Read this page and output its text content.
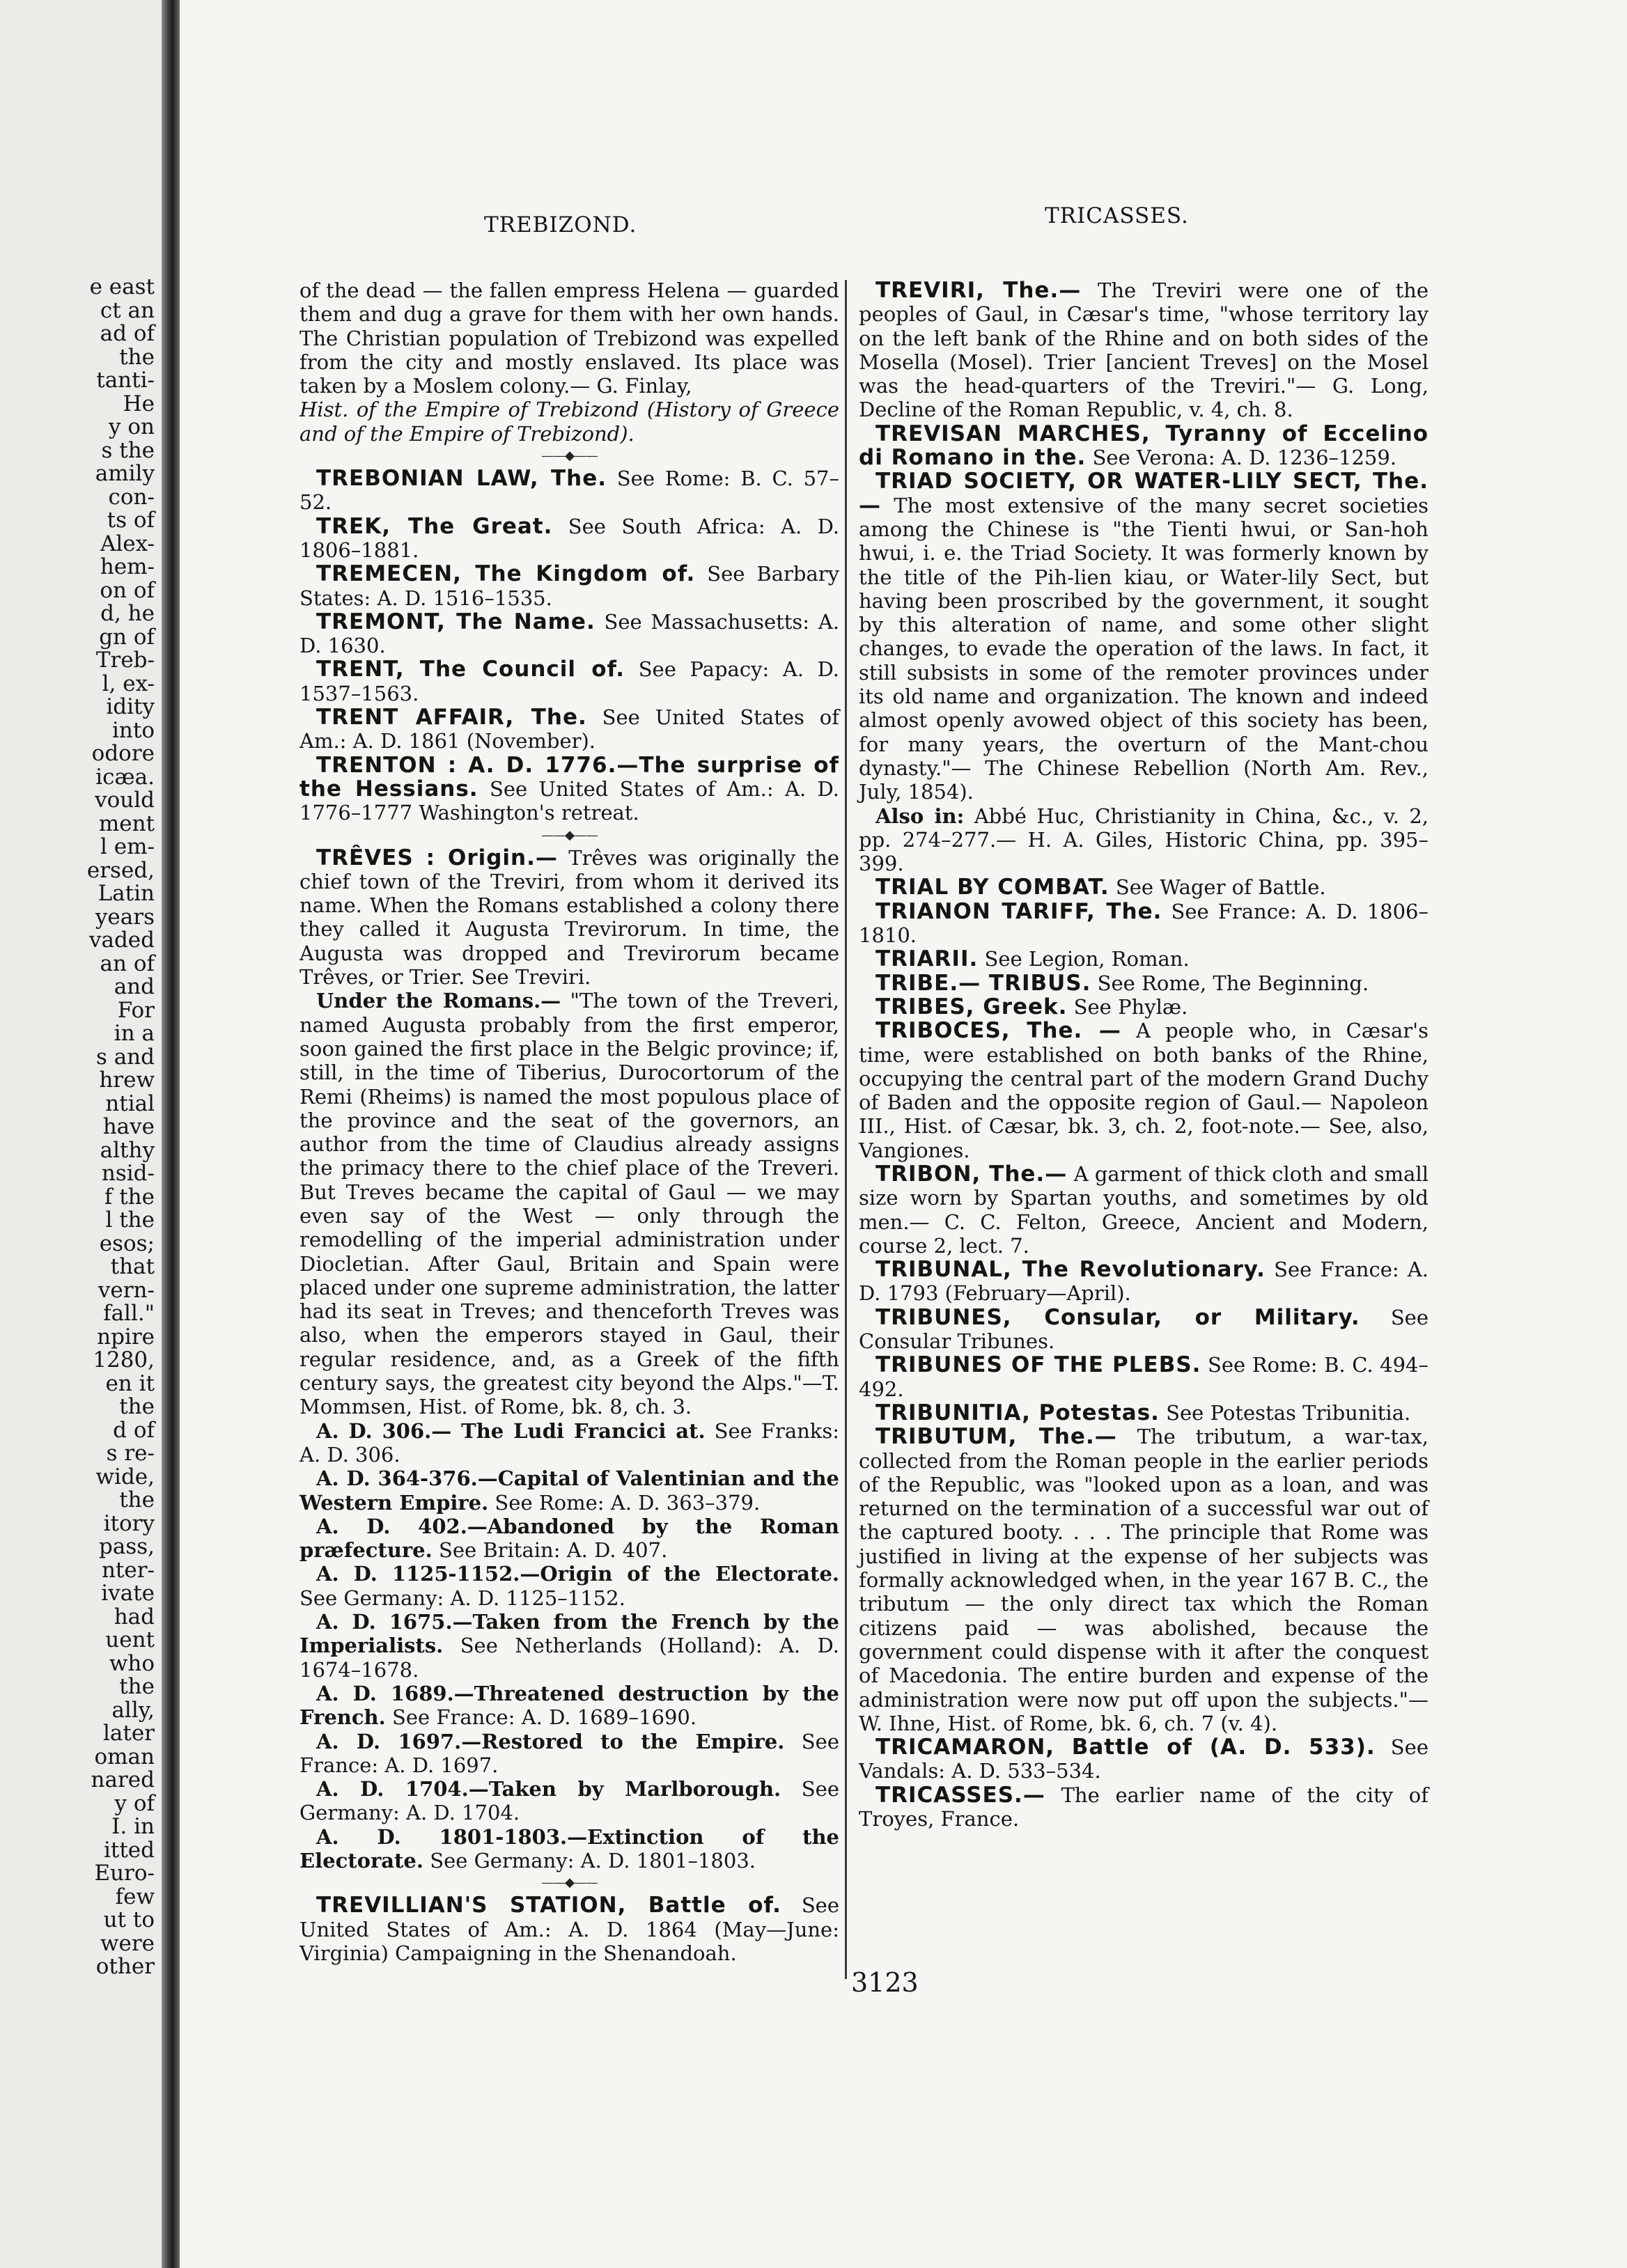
e east
ct an
ad of
the
tanti-
He
y on
s the
amily
con-
ts of
Alex-
hem-
on of
d, he
gn of
Treb-
l, ex-
idity
into
odore
icæa.
vould
ment
l em-
ersed,
Latin
years
vaded
an of
and
For
in a
s and
hrew
ntial
have
althy
nsid-
f the
l the
esos;
that
vern-
fall."
npire
1280,
en it
the
d of
s re-
wide,
the
itory
pass,
nter-
ivate
had
uent
who
the
ally,
later
oman
nared
y of
I. in
itted
Euro-
few
ut to
were
other
TREBIZOND.	TRICASSES.

of the dead — the fallen empress Helena — guarded them and dug a grave for them with her own hands. The Christian population of Trebizond was expelled from the city and mostly enslaved. Its place was taken by a Moslem colony.— G. Finlay,

Hist. of the Empire of Trebizond (History of Greece and of the Empire of Trebizond).

——◆——

TREBONIAN LAW, The. See Rome: B. C. 57–52.

TREK, The Great. See South Africa: A. D. 1806–1881.

TREMECEN, The Kingdom of. See Barbary States: A. D. 1516–1535.

TREMONT, The Name. See Massachusetts: A. D. 1630.

TRENT, The Council of. See Papacy: A. D. 1537–1563.

TRENT AFFAIR, The. See United States of Am.: A. D. 1861 (November).

TRENTON : A. D. 1776.—The surprise of the Hessians. See United States of Am.: A. D. 1776–1777 Washington's retreat.

——◆——

TRÊVES : Origin.— Trêves was originally the chief town of the Treviri, from whom it derived its name. When the Romans established a colony there they called it Augusta Trevirorum. In time, the Augusta was dropped and Trevirorum became Trêves, or Trier. See Treviri.

Under the Romans.— "The town of the Treveri, named Augusta probably from the first emperor, soon gained the first place in the Belgic province; if, still, in the time of Tiberius, Durocortorum of the Remi (Rheims) is named the most populous place of the province and the seat of the governors, an author from the time of Claudius already assigns the primacy there to the chief place of the Treveri. But Treves became the capital of Gaul — we may even say of the West — only through the remodelling of the imperial administration under Diocletian. After Gaul, Britain and Spain were placed under one supreme administration, the latter had its seat in Treves; and thenceforth Treves was also, when the emperors stayed in Gaul, their regular residence, and, as a Greek of the fifth century says, the greatest city beyond the Alps."—T. Mommsen, Hist. of Rome, bk. 8, ch. 3.

A. D. 306.— The Ludi Francici at. See Franks: A. D. 306.

A. D. 364-376.—Capital of Valentinian and the Western Empire. See Rome: A. D. 363–379.

A. D. 402.—Abandoned by the Roman præfecture. See Britain: A. D. 407.

A. D. 1125-1152.—Origin of the Electorate. See Germany: A. D. 1125–1152.

A. D. 1675.—Taken from the French by the Imperialists. See Netherlands (Holland): A. D. 1674–1678.

A. D. 1689.—Threatened destruction by the French. See France: A. D. 1689–1690.

A. D. 1697.—Restored to the Empire. See France: A. D. 1697.

A. D. 1704.—Taken by Marlborough. See Germany: A. D. 1704.

A. D. 1801-1803.—Extinction of the Electorate. See Germany: A. D. 1801–1803.

——◆——

TREVILLIAN'S STATION, Battle of. See United States of Am.: A. D. 1864 (May—June: Virginia) Campaigning in the Shenandoah.

TREVIRI, The.— The Treviri were one of the peoples of Gaul, in Cæsar's time, "whose territory lay on the left bank of the Rhine and on both sides of the Mosella (Mosel). Trier [ancient Treves] on the Mosel was the head-quarters of the Treviri."— G. Long, Decline of the Roman Republic, v. 4, ch. 8.

TREVISAN MARCHES, Tyranny of Eccelino di Romano in the. See Verona: A. D. 1236–1259.

TRIAD SOCIETY, OR WATER-LILY SECT, The.— The most extensive of the many secret societies among the Chinese is "the Tienti hwui, or San-hoh hwui, i. e. the Triad Society. It was formerly known by the title of the Pih-lien kiau, or Water-lily Sect, but having been proscribed by the government, it sought by this alteration of name, and some other slight changes, to evade the operation of the laws. In fact, it still subsists in some of the remoter provinces under its old name and organization. The known and indeed almost openly avowed object of this society has been, for many years, the overturn of the Mant-chou dynasty."— The Chinese Rebellion (North Am. Rev., July, 1854).

Also in: Abbé Huc, Christianity in China, &c., v. 2, pp. 274–277.— H. A. Giles, Historic China, pp. 395–399.

TRIAL BY COMBAT. See Wager of Battle.

TRIANON TARIFF, The. See France: A. D. 1806–1810.

TRIARII. See Legion, Roman.

TRIBE.— TRIBUS. See Rome, The Beginning.

TRIBES, Greek. See Phylæ.

TRIBOCES, The. — A people who, in Cæsar's time, were established on both banks of the Rhine, occupying the central part of the modern Grand Duchy of Baden and the opposite region of Gaul.— Napoleon III., Hist. of Cæsar, bk. 3, ch. 2, foot-note.— See, also, Vangiones.

TRIBON, The.— A garment of thick cloth and small size worn by Spartan youths, and sometimes by old men.— C. C. Felton, Greece, Ancient and Modern, course 2, lect. 7.

TRIBUNAL, The Revolutionary. See France: A. D. 1793 (February—April).

TRIBUNES, Consular, or Military. See Consular Tribunes.

TRIBUNES OF THE PLEBS. See Rome: B. C. 494–492.

TRIBUNITIA, Potestas. See Potestas Tribunitia.

TRIBUTUM, The.— The tributum, a war-tax, collected from the Roman people in the earlier periods of the Republic, was "looked upon as a loan, and was returned on the termination of a successful war out of the captured booty. . . . The principle that Rome was justified in living at the expense of her subjects was formally acknowledged when, in the year 167 B. C., the tributum — the only direct tax which the Roman citizens paid — was abolished, because the government could dispense with it after the conquest of Macedonia. The entire burden and expense of the administration were now put off upon the subjects."—W. Ihne, Hist. of Rome, bk. 6, ch. 7 (v. 4).

TRICAMARON, Battle of (A. D. 533). See Vandals: A. D. 533–534.

TRICASSES.— The earlier name of the city of Troyes, France.

3123
